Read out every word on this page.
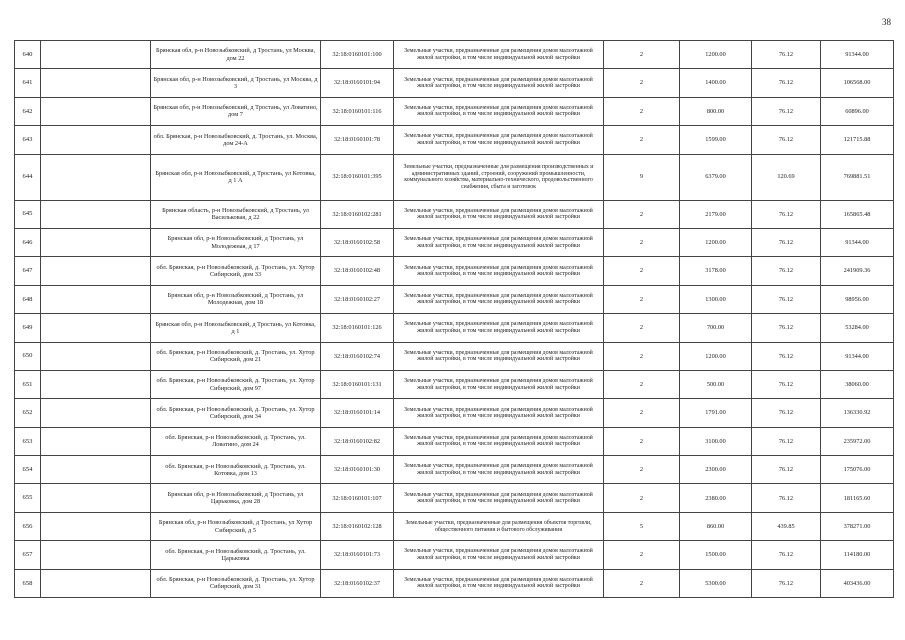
38
640		Брянская обл, р-н Новозыбковский, д Тростань, ул Москва, дом 22	32:18:0160101:100	Земельные участки, предназначенные для размещения домов малоэтажной жилой застройки, в том числе индивидуальной жилой застройки	2	1200.00	76.12	91344.00
641		Брянская обл, р-н Новозыбковский, д Тростань, ул Москва, д 3	32:18:0160101:94	Земельные участки, предназначенные для размещения домов малоэтажной жилой застройки, в том числе индивидуальной жилой застройки	2	1400.00	76.12	106568.00
642		Брянская обл, р-н Новозыбковский, д Тростань, ул Ловатино, дом 7	32:18:0160101:116	Земельные участки, предназначенные для размещения домов малоэтажной жилой застройки, в том числе индивидуальной жилой застройки	2	800.00	76.12	60896.00
643		обл. Брянская, р-н Новозыбковский, д. Тростань, ул. Москва, дом 24-А	32:18:0160101:78	Земельные участки, предназначенные для размещения домов малоэтажной жилой застройки, в том числе индивидуальной жилой застройки	2	1599.00	76.12	121715.88
644		Брянская обл, р-н Новозыбковский, д Тростань, ул Котовка, д 1 А	32:18:0160101:395	Земельные участки, предназначенные для размещения производственных и административных зданий, строений, сооружений промышленности, коммунального хозяйства, материально-технического, продовольственного снабжения, сбыта и заготовок	9	6379.00	120.69	769881.51
645		Брянская область, р-н Новозыбковский, д Тростань, ул Васильковая, д 22	32:18:0160102:281	Земельные участки, предназначенные для размещения домов малоэтажной жилой застройки, в том числе индивидуальной жилой застройки	2	2179.00	76.12	165865.48
646		Брянская обл, р-н Новозыбковский, д Тростань, ул Молодежная, д 17	32:18:0160102:58	Земельные участки, предназначенные для размещения домов малоэтажной жилой застройки, в том числе индивидуальной жилой застройки	2	1200.00	76.12	91344.00
647		обл. Брянская, р-н Новозыбковский, д. Тростань, ул. Хутор Сибирский, дом 33	32:18:0160102:48	Земельные участки, предназначенные для размещения домов малоэтажной жилой застройки, в том числе индивидуальной жилой застройки	2	3178.00	76.12	241909.36
648		Брянская обл, р-н Новозыбковский, д Тростань, ул Молодежная, дом 18	32:18:0160102:27	Земельные участки, предназначенные для размещения домов малоэтажной жилой застройки, в том числе индивидуальной жилой застройки	2	1300.00	76.12	98956.00
649		Брянская обл, р-н Новозыбковский, д Тростань, ул Котовка, д 1	32:18:0160101:126	Земельные участки, предназначенные для размещения домов малоэтажной жилой застройки, в том числе индивидуальной жилой застройки	2	700.00	76.12	53284.00
650		обл. Брянская, р-н Новозыбковский, д. Тростань, ул. Хутор Сибирский, дом 21	32:18:0160102:74	Земельные участки, предназначенные для размещения домов малоэтажной жилой застройки, в том числе индивидуальной жилой застройки	2	1200.00	76.12	91344.00
651		обл. Брянская, р-н Новозыбковский, д. Тростань, ул. Хутор Сибирский, дом 97	32:18:0160101:131	Земельные участки, предназначенные для размещения домов малоэтажной жилой застройки, в том числе индивидуальной жилой застройки	2	500.00	76.12	38060.00
652		обл. Брянская, р-н Новозыбковский, д. Тростань, ул. Хутор Сибирский, дом 34	32:18:0160101:14	Земельные участки, предназначенные для размещения домов малоэтажной жилой застройки, в том числе индивидуальной жилой застройки	2	1791.00	76.12	136330.92
653		обл. Брянская, р-н Новозыбковский, д. Тростань, ул. Ловатино, дом 24	32:18:0160102:82	Земельные участки, предназначенные для размещения домов малоэтажной жилой застройки, в том числе индивидуальной жилой застройки	2	3100.00	76.12	235972.00
654		обл. Брянская, р-н Новозыбковский, д. Тростань, ул. Котовка, дом 13	32:18:0160101:30	Земельные участки, предназначенные для размещения домов малоэтажной жилой застройки, в том числе индивидуальной жилой застройки	2	2300.00	76.12	175076.00
655		Брянская обл, р-н Новозыбковский, д Тростань, ул Царьковка, дом 28	32:18:0160101:107	Земельные участки, предназначенные для размещения домов малоэтажной жилой застройки, в том числе индивидуальной жилой застройки	2	2380.00	76.12	181165.60
656		Брянская обл, р-н Новозыбковский, д Тростань, ул Хутор Сибирский, д 5	32:18:0160102:128	Земельные участки, предназначенные для размещения объектов торговли, общественного питания и бытового обслуживания	5	860.00	439.85	378271.00
657		обл. Брянская, р-н Новозыбковский, д. Тростань, ул. Царьковка	32:18:0160101:73	Земельные участки, предназначенные для размещения домов малоэтажной жилой застройки, в том числе индивидуальной жилой застройки	2	1500.00	76.12	114180.00
658		обл. Брянская, р-н Новозыбковский, д. Тростань, ул. Хутор Сибирский, дом 31	32:18:0160102:37	Земельные участки, предназначенные для размещения домов малоэтажной жилой застройки, в том числе индивидуальной жилой застройки	2	5300.00	76.12	403436.00
